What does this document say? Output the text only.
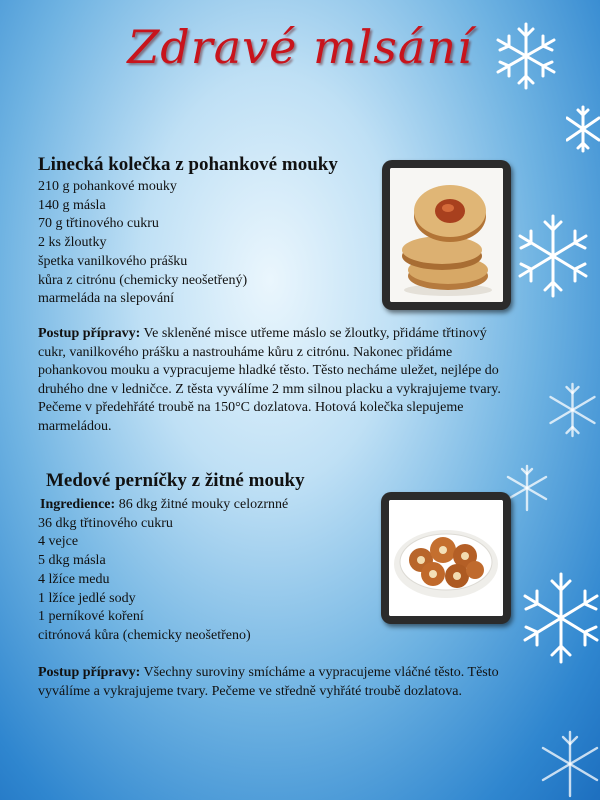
Zdravé mlsání
Linecká kolečka z pohankové mouky
210 g pohankové mouky
140 g másla
70 g třtinového cukru
2 ks žloutky
špetka vanilkového prášku
kůra z citrónu (chemicky neošetřený)
marmeláda na slepování
Postup přípravy: Ve skleněné misce utřeme máslo se žloutky, přidáme třtinový
cukr, vanilkového prášku a nastrouháme kůru z citrónu. Nakonec přidáme
pohankovou mouku a vypracujeme hladké těsto. Těsto necháme uležet, nejlépe do
druhého dne v ledničce. Z těsta vyválíme 2 mm silnou placku a vykrajujeme tvary.
Pečeme v předehřáté troubě na 150°C dozlatova. Hotová kolečka slepujeme
marmeládou.
Medové perníčky z žitné mouky
Ingredience: 86 dkg žitné mouky celozrnné
36 dkg třtinového cukru
4 vejce
5 dkg másla
4 lžíce medu
1 lžíce jedlé sody
1 perníkové koření
citrónová kůra (chemicky neošetřeno)
Postup přípravy: Všechny suroviny smícháme a vypracujeme vláčné těsto. Těsto
vyválíme a vykrajujeme tvary. Pečeme ve středně vyhřáté troubě dozlatova.
